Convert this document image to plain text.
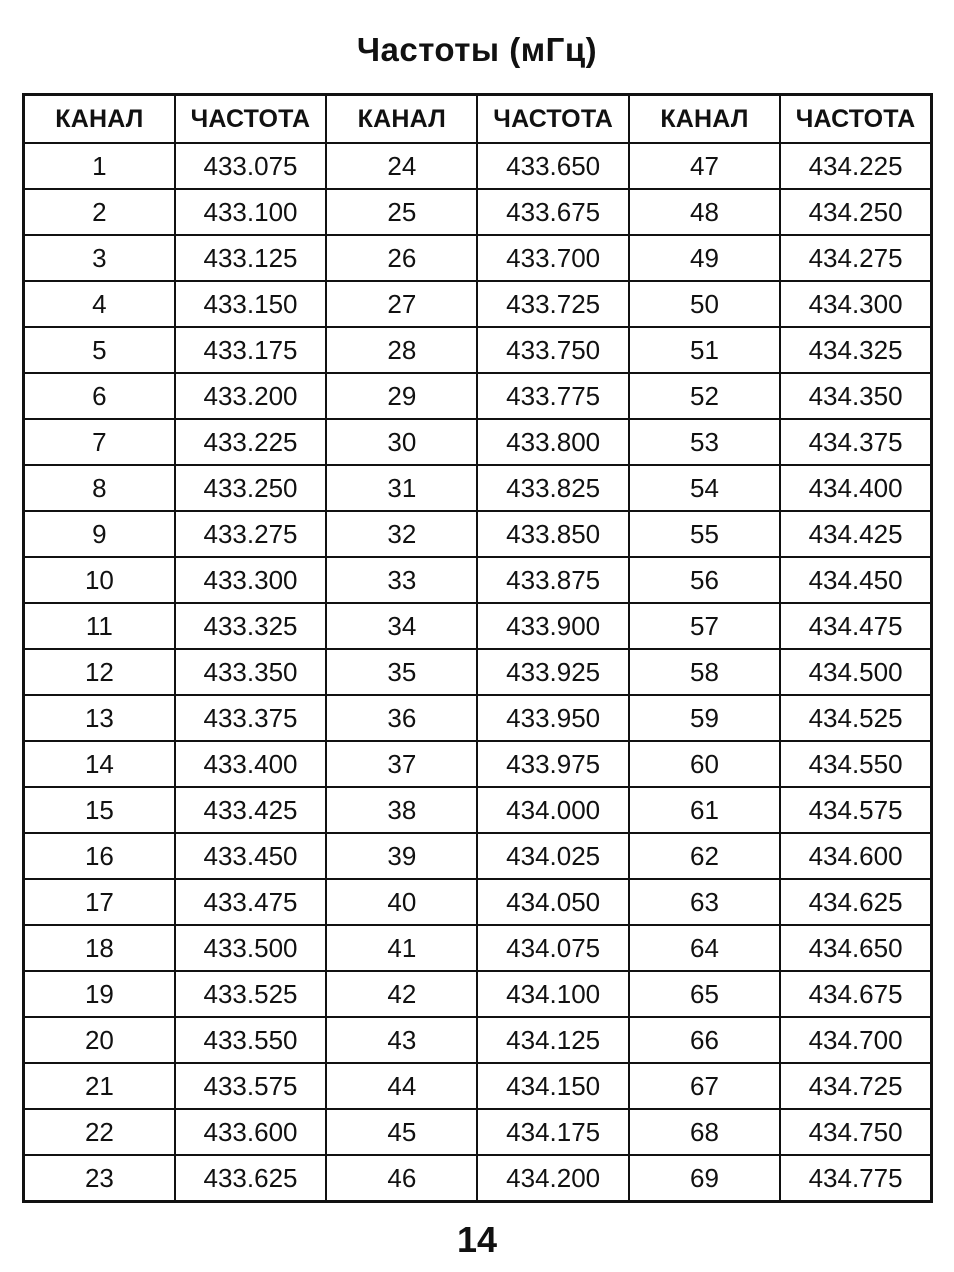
Частоты (мГц)
КАНАЛ	ЧАСТОТА	КАНАЛ	ЧАСТОТА	КАНАЛ	ЧАСТОТА
1	433.075	24	433.650	47	434.225
2	433.100	25	433.675	48	434.250
3	433.125	26	433.700	49	434.275
4	433.150	27	433.725	50	434.300
5	433.175	28	433.750	51	434.325
6	433.200	29	433.775	52	434.350
7	433.225	30	433.800	53	434.375
8	433.250	31	433.825	54	434.400
9	433.275	32	433.850	55	434.425
10	433.300	33	433.875	56	434.450
11	433.325	34	433.900	57	434.475
12	433.350	35	433.925	58	434.500
13	433.375	36	433.950	59	434.525
14	433.400	37	433.975	60	434.550
15	433.425	38	434.000	61	434.575
16	433.450	39	434.025	62	434.600
17	433.475	40	434.050	63	434.625
18	433.500	41	434.075	64	434.650
19	433.525	42	434.100	65	434.675
20	433.550	43	434.125	66	434.700
21	433.575	44	434.150	67	434.725
22	433.600	45	434.175	68	434.750
23	433.625	46	434.200	69	434.775
14
